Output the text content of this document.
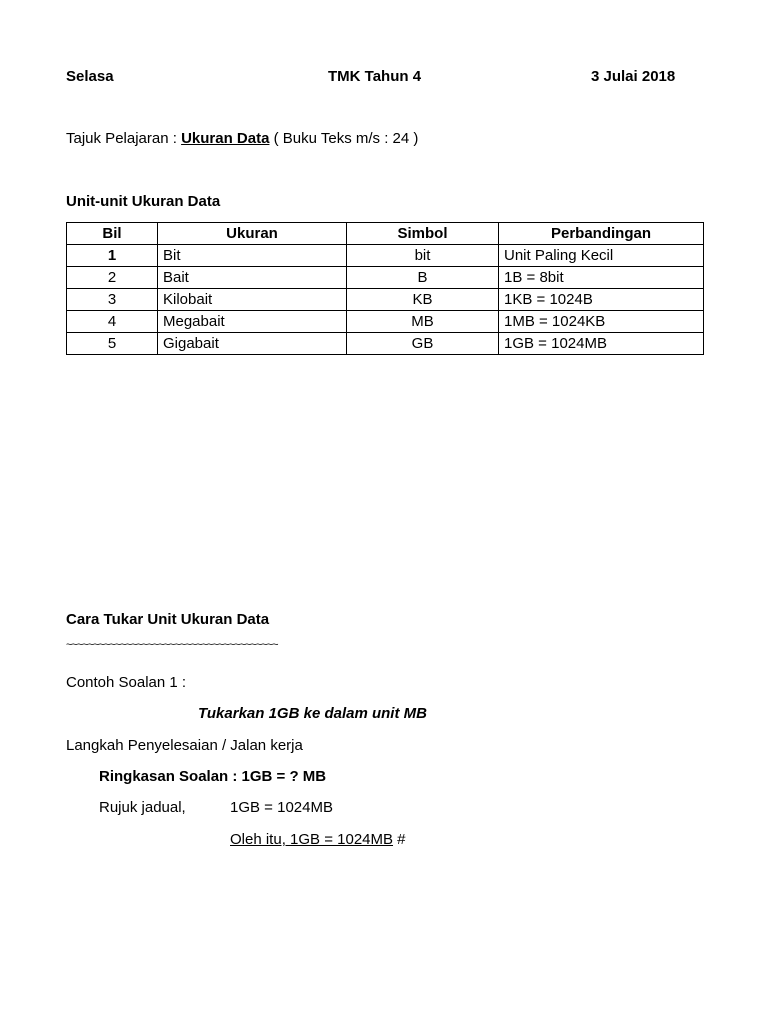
Selasa	TMK Tahun 4	3 Julai 2018
Tajuk Pelajaran : Ukuran Data ( Buku Teks m/s : 24 )
Unit-unit Ukuran Data
Bil	Ukuran	Simbol	Perbandingan
1	Bit	bit	Unit Paling Kecil
2	Bait	B	1B = 8bit
3	Kilobait	KB	1KB = 1024B
4	Megabait	MB	1MB = 1024KB
5	Gigabait	GB	1GB = 1024MB
Cara Tukar Unit Ukuran Data
~~~~~~~~~~~~~~~~~~~~~~~~~~~~~~~~~~~~~~~
Contoh Soalan 1 :
Tukarkan 1GB ke dalam unit MB
Langkah Penyelesaian / Jalan kerja
Ringkasan Soalan : 1GB = ? MB
Rujuk jadual,	1GB = 1024MB
Oleh itu, 1GB = 1024MB #
